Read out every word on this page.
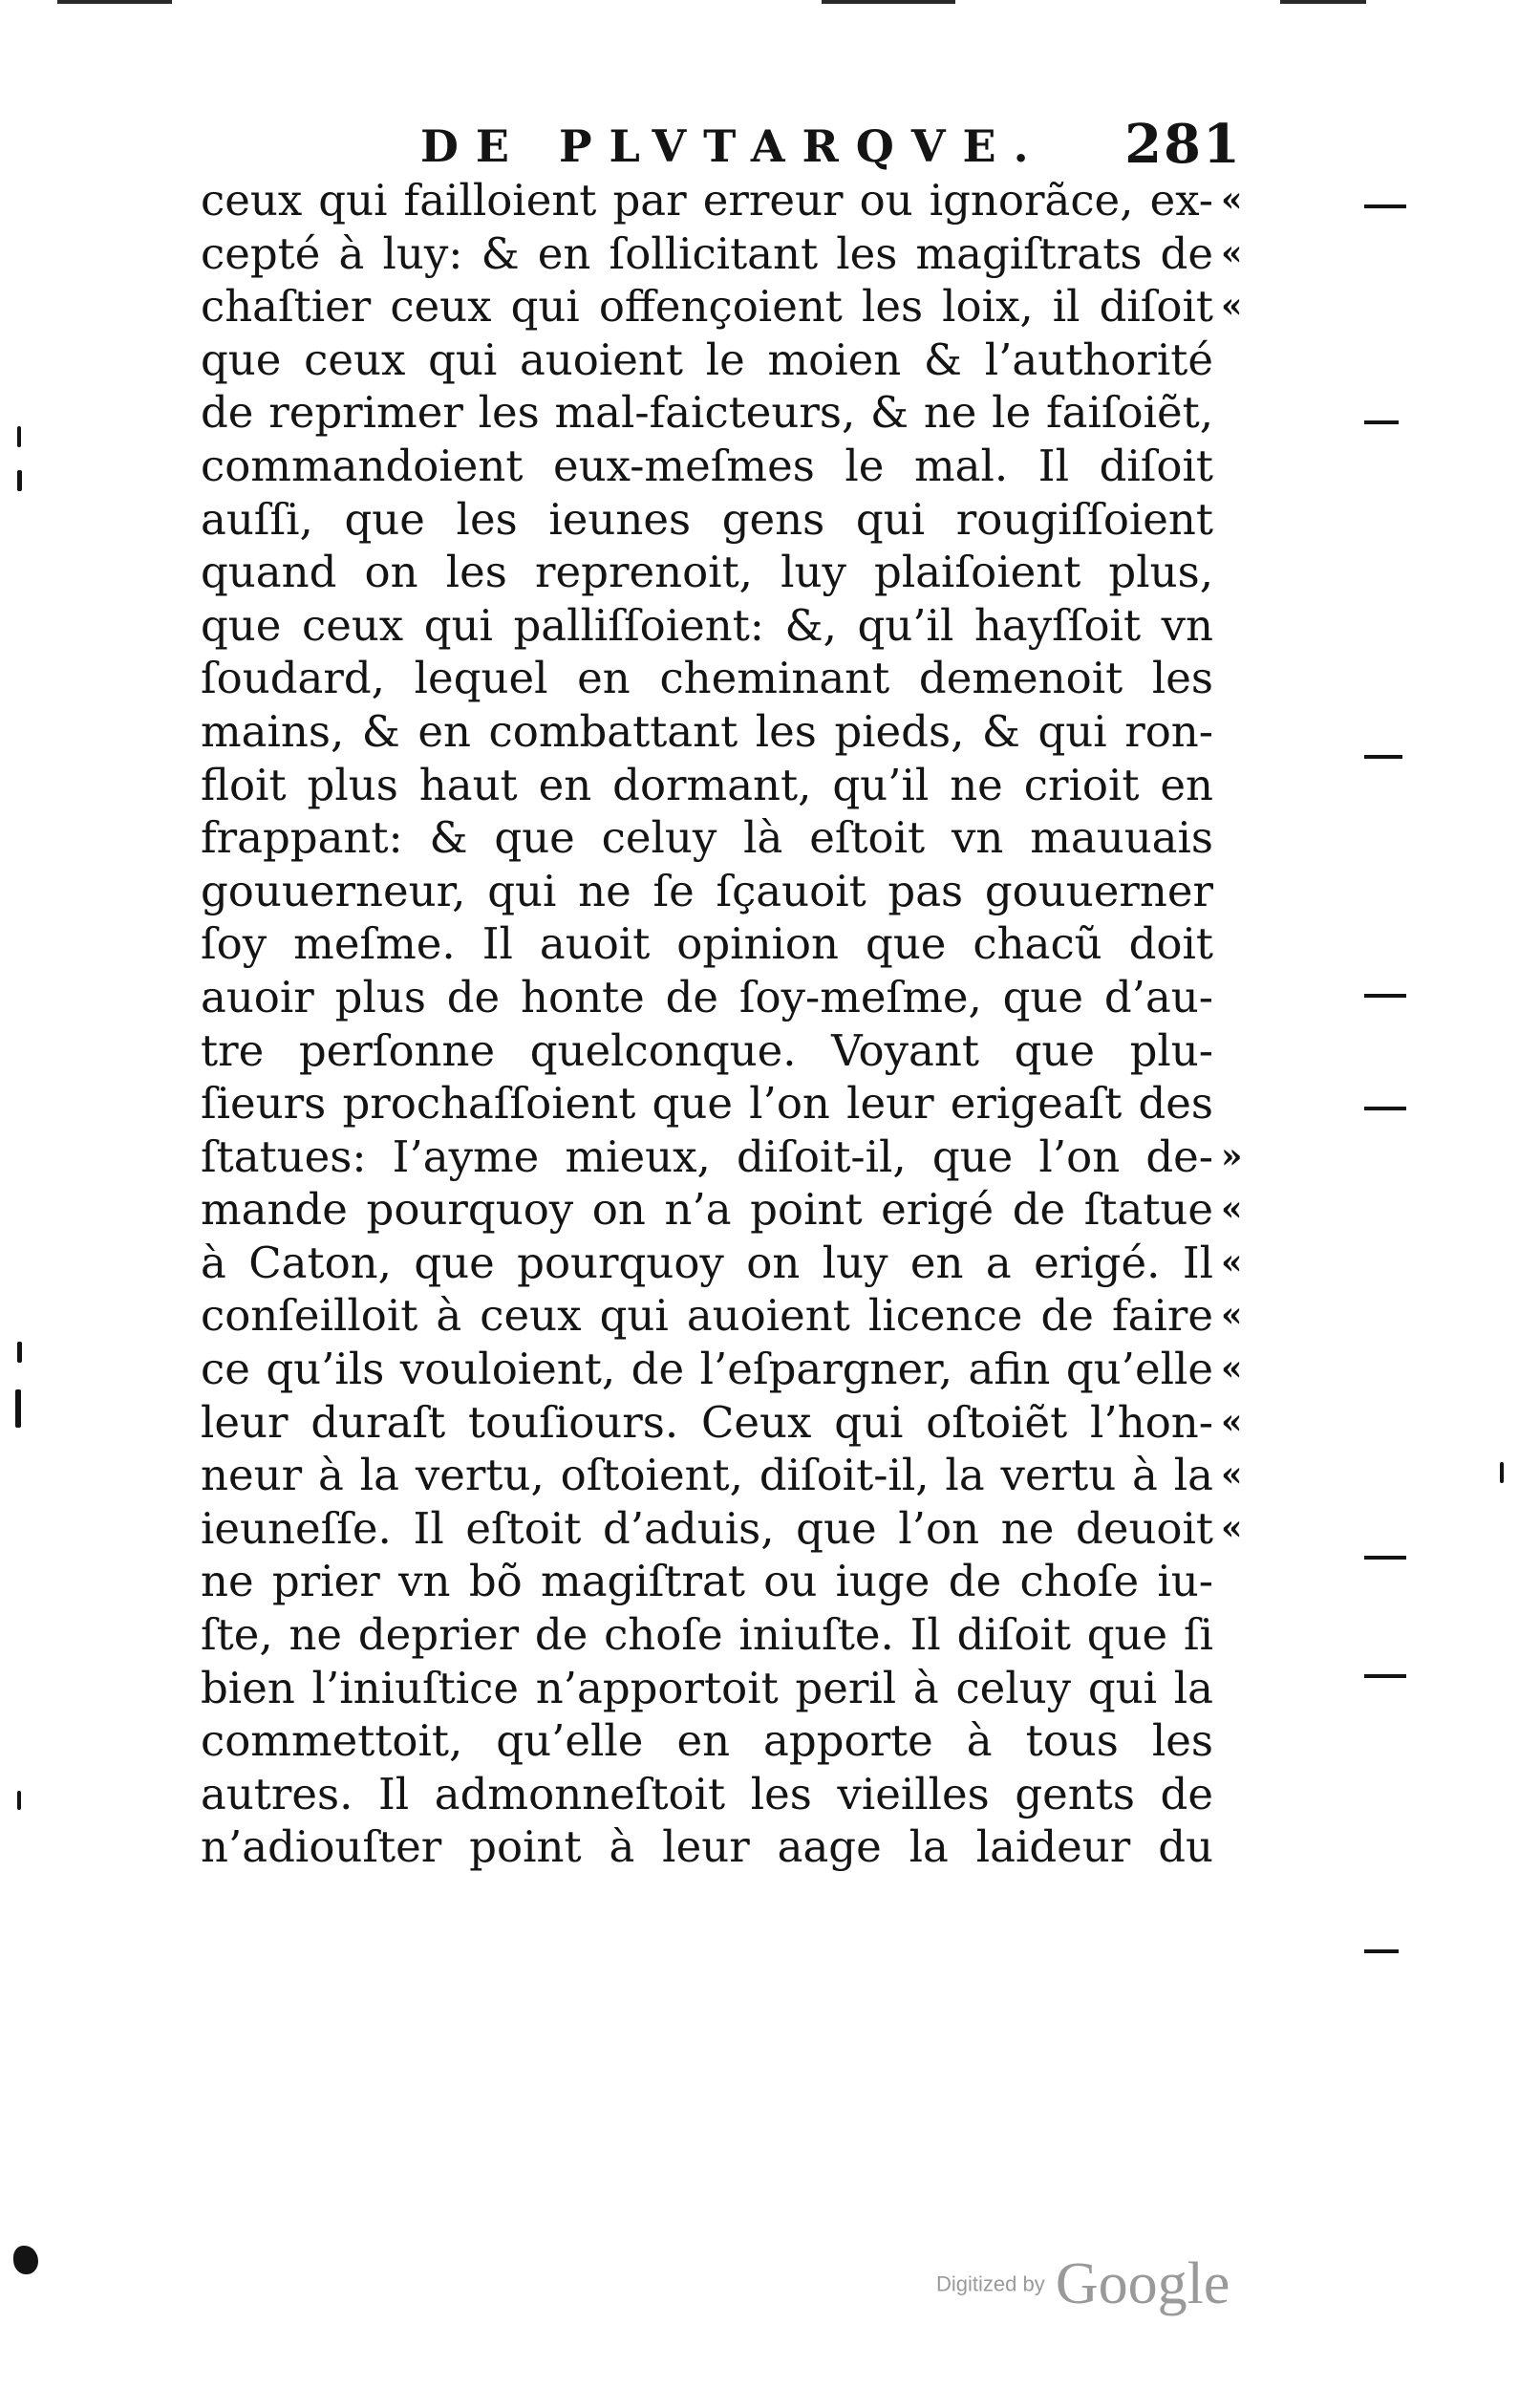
DE PLVTARQVE. 281
ceux qui failloient par erreur ou ignorãce, ex- «
cepté à luy: & en ſollicitant les magiſtrats de «
chaſtier ceux qui offençoient les loix, il diſoit «
que ceux qui auoient le moien & l’authorité
de reprimer les mal-faicteurs, & ne le faiſoiẽt,
commandoient eux-meſmes le mal. Il diſoit
auſſi, que les ieunes gens qui rougiſſoient
quand on les reprenoit, luy plaiſoient plus,
que ceux qui palliſſoient: &, qu’il hayſſoit vn
ſoudard, lequel en cheminant demenoit les
mains, & en combattant les pieds, & qui ron-
floit plus haut en dormant, qu’il ne crioit en
frappant: & que celuy là eſtoit vn mauuais
gouuerneur, qui ne ſe ſçauoit pas gouuerner
ſoy meſme. Il auoit opinion que chacũ doit
auoir plus de honte de ſoy-meſme, que d’au-
tre perſonne quelconque. Voyant que plu-
ſieurs prochaſſoient que l’on leur erigeaſt des
ſtatues: I’ayme mieux, diſoit-il, que l’on de- »
mande pourquoy on n’a point erigé de ſtatue «
à Caton, que pourquoy on luy en a erigé. Il «
conſeilloit à ceux qui auoient licence de faire «
ce qu’ils vouloient, de l’eſpargner, afin qu’elle «
leur duraſt touſiours. Ceux qui oſtoiẽt l’hon- «
neur à la vertu, oſtoient, diſoit-il, la vertu à la «
ieuneſſe. Il eſtoit d’aduis, que l’on ne deuoit «
ne prier vn bõ magiſtrat ou iuge de choſe iu-
ſte, ne deprier de choſe iniuſte. Il diſoit que ſi
bien l’iniuſtice n’apportoit peril à celuy qui la
commettoit, qu’elle en apporte à tous les
autres. Il admonneſtoit les vieilles gents de
n’adiouſter point à leur aage la laideur du
Digitized by Google
